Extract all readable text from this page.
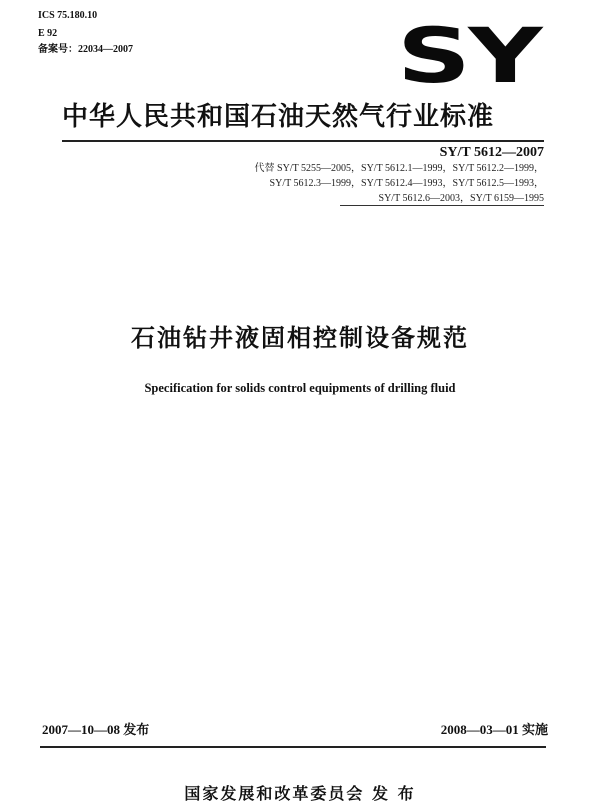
ICS 75.180.10
E 92
备案号：22034—2007	SY
中华人民共和国石油天然气行业标准
SY/T 5612—2007
代替 SY/T 5255—2005，SY/T 5612.1—1999，SY/T 5612.2—1999，
SY/T 5612.3—1999，SY/T 5612.4—1993，SY/T 5612.5—1993，
SY/T 5612.6—2003，SY/T 6159—1995
石油钻井液固相控制设备规范
Specification for solids control equipments of drilling fluid
2007—10—08 发布	2008—03—01 实施
国家发展和改革委员会 发 布
